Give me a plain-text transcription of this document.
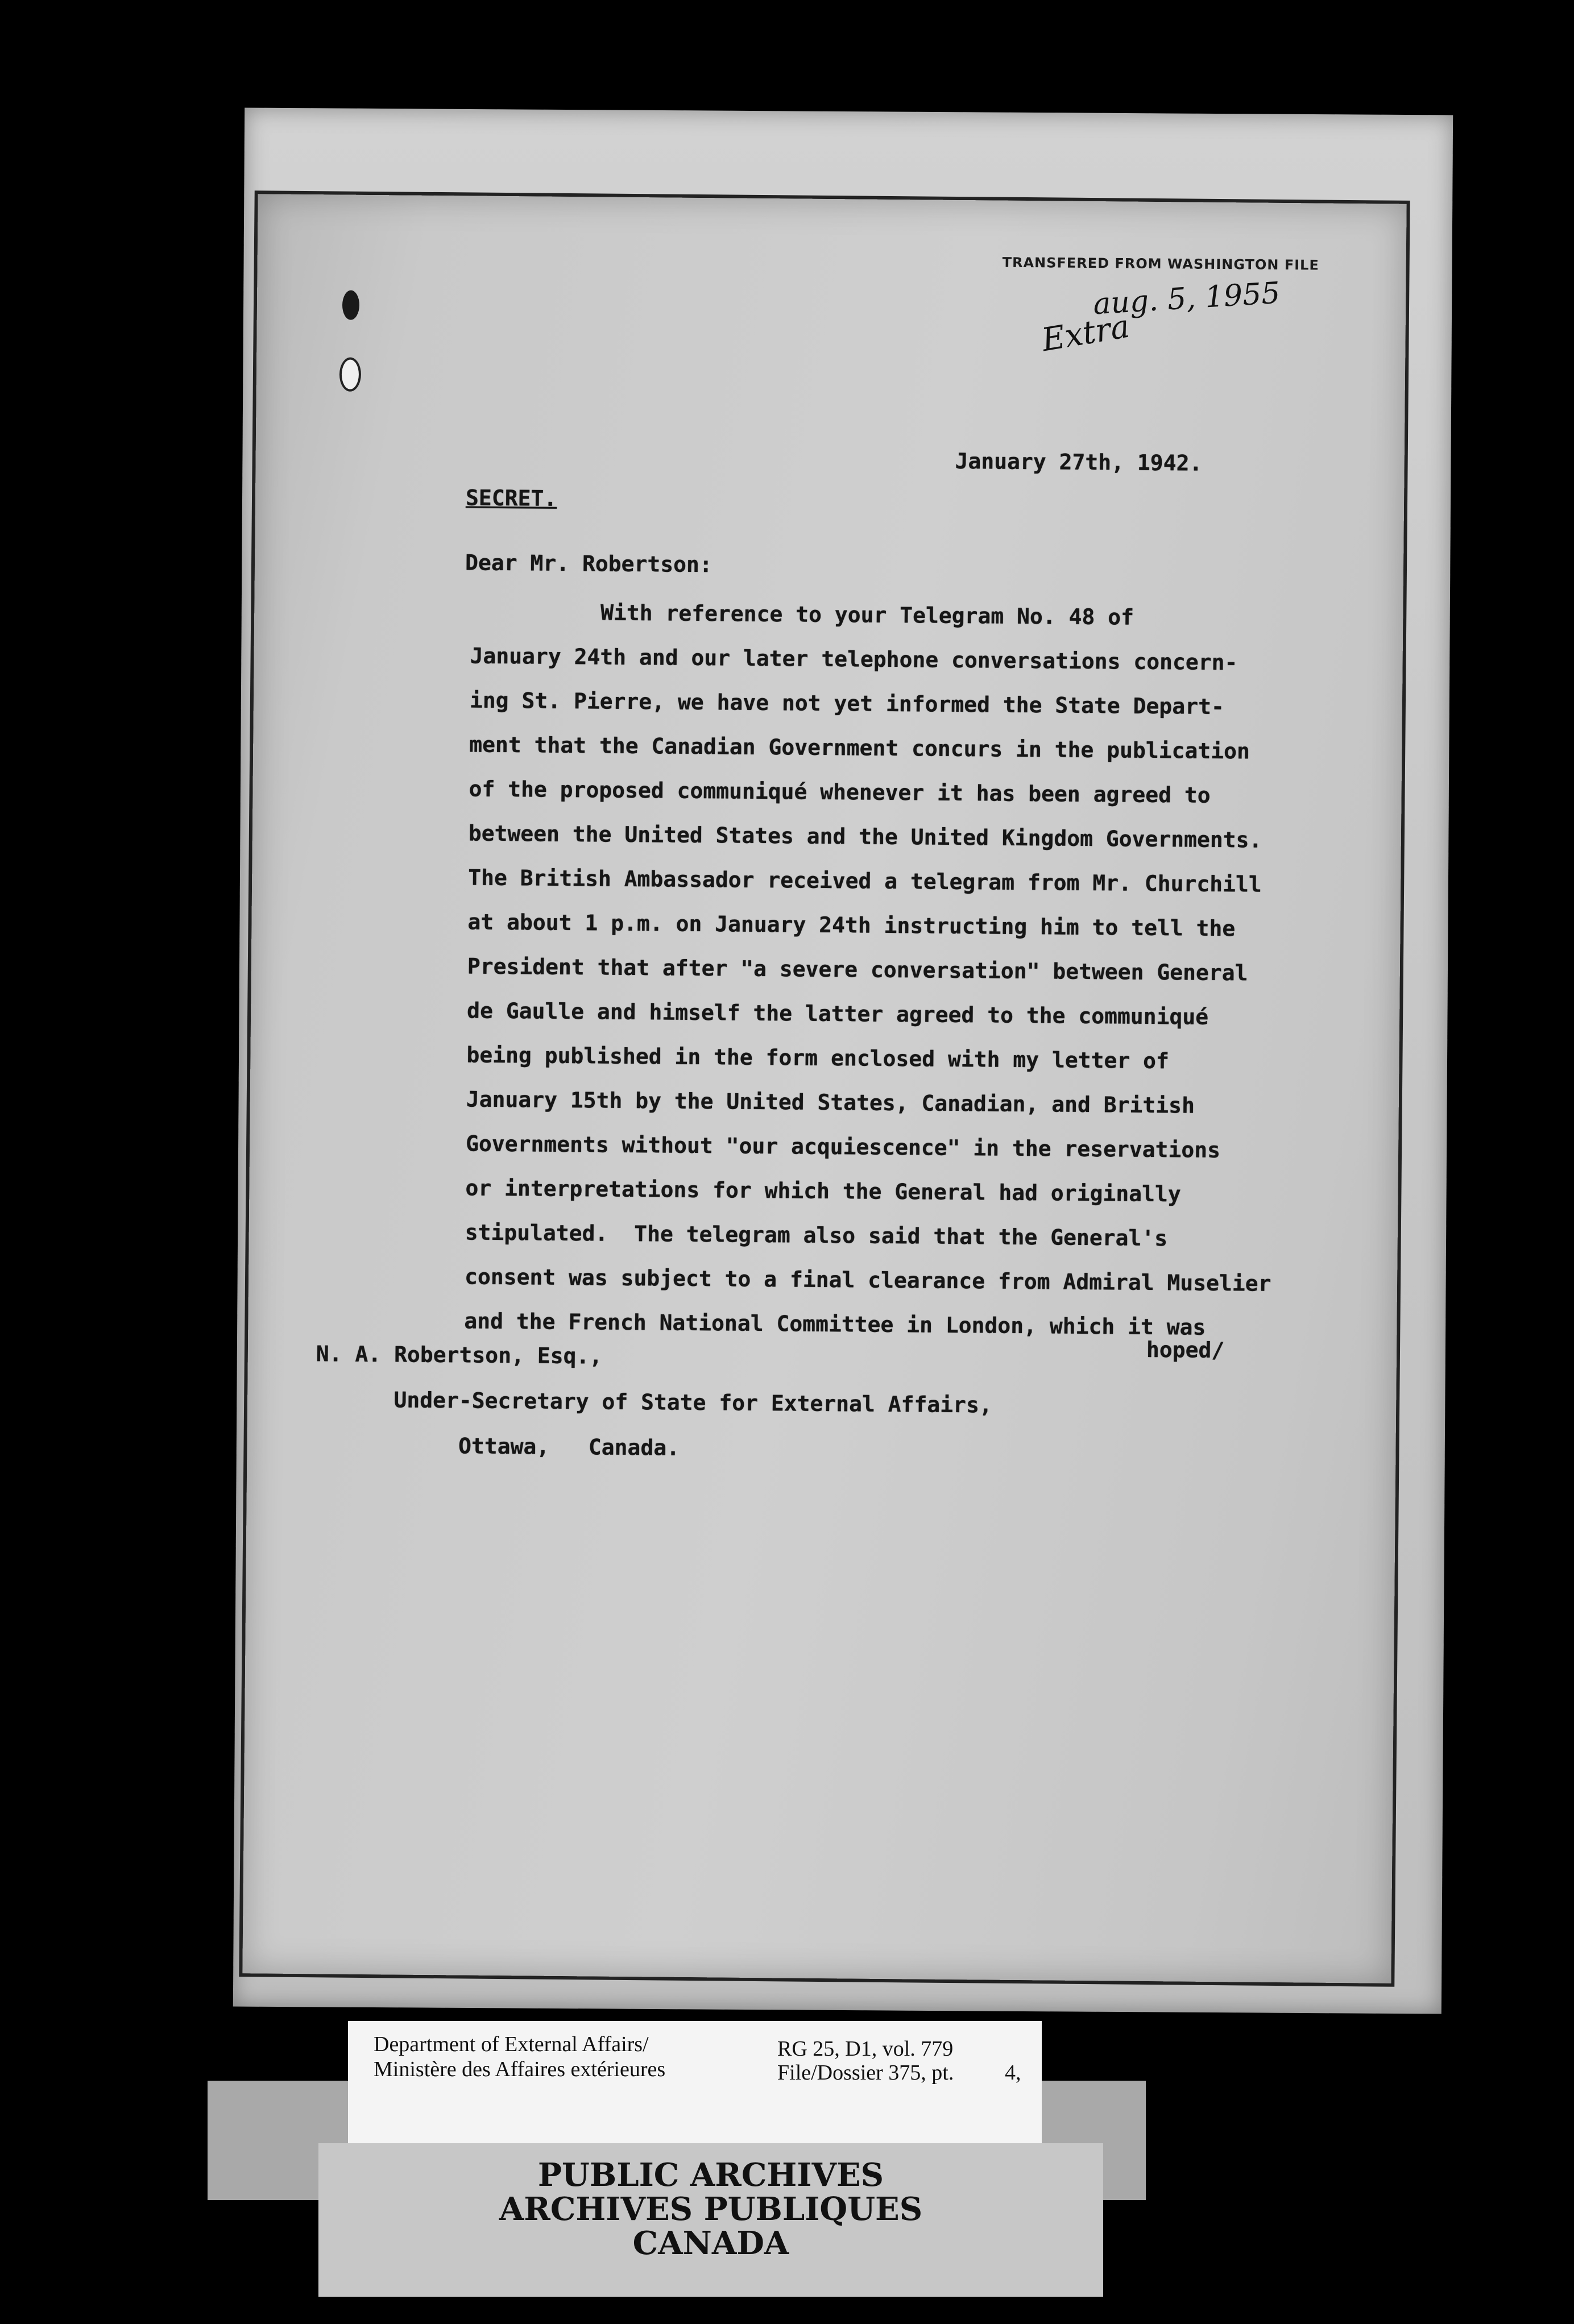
TRANSFERED FROM WASHINGTON FILE
aug. 5, 1955
Extra
January 27th, 1942.
SECRET.
Dear Mr. Robertson:
With reference to your Telegram No. 48 of
January 24th and our later telephone conversations concern-
ing St. Pierre, we have not yet informed the State Depart-
ment that the Canadian Government concurs in the publication
of the proposed communiqué whenever it has been agreed to
between the United States and the United Kingdom Governments.
The British Ambassador received a telegram from Mr. Churchill
at about 1 p.m. on January 24th instructing him to tell the
President that after "a severe conversation" between General
de Gaulle and himself the latter agreed to the communiqué
being published in the form enclosed with my letter of
January 15th by the United States, Canadian, and British
Governments without "our acquiescence" in the reservations
or interpretations for which the General had originally
stipulated.  The telegram also said that the General's
consent was subject to a final clearance from Admiral Muselier
and the French National Committee in London, which it was
hoped/
N. A. Robertson, Esq.,
Under-Secretary of State for External Affairs,
Ottawa,   Canada.
PUBLIC ARCHIVES
ARCHIVES PUBLIQUES
CANADA
Department of External Affairs/
Ministère des Affaires extérieures
RG 25, D1, vol. 779
File/Dossier 375, pt. 4,
